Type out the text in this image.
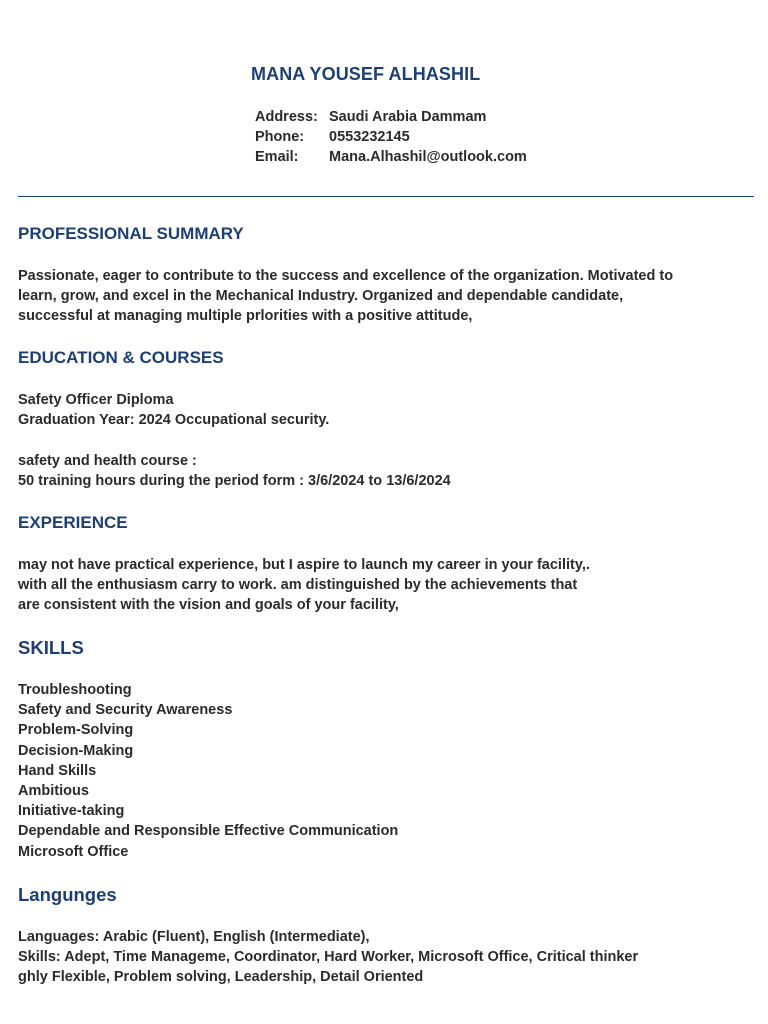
MANA YOUSEF ALHASHIL
Address: Saudi Arabia Dammam
Phone: 0553232145
Email: Mana.Alhashil@outlook.com
PROFESSIONAL SUMMARY
Passionate, eager to contribute to the success and excellence of the organization. Motivated to
learn, grow, and excel in the Mechanical Industry. Organized and dependable candidate,
successful at managing multiple prlorities with a positive attitude,
EDUCATION & COURSES
Safety Officer Diploma
Graduation Year: 2024 Occupational security.
safety and health course :
50 training hours during the period form : 3/6/2024 to 13/6/2024
EXPERIENCE
may not have practical experience, but I aspire to launch my career in your facility,.
with all the enthusiasm carry to work. am distinguished by the achievements that
are consistent with the vision and goals of your facility,
SKILLS
Troubleshooting
Safety and Security Awareness
Problem-Solving
Decision-Making
Hand Skills
Ambitious
Initiative-taking
Dependable and Responsible Effective Communication
Microsoft Office
Langunges
Languages: Arabic (Fluent), English (Intermediate),
Skills: Adept, Time Manageme, Coordinator, Hard Worker, Microsoft Office, Critical thinker
ghly Flexible, Problem solving, Leadership, Detail Oriented
